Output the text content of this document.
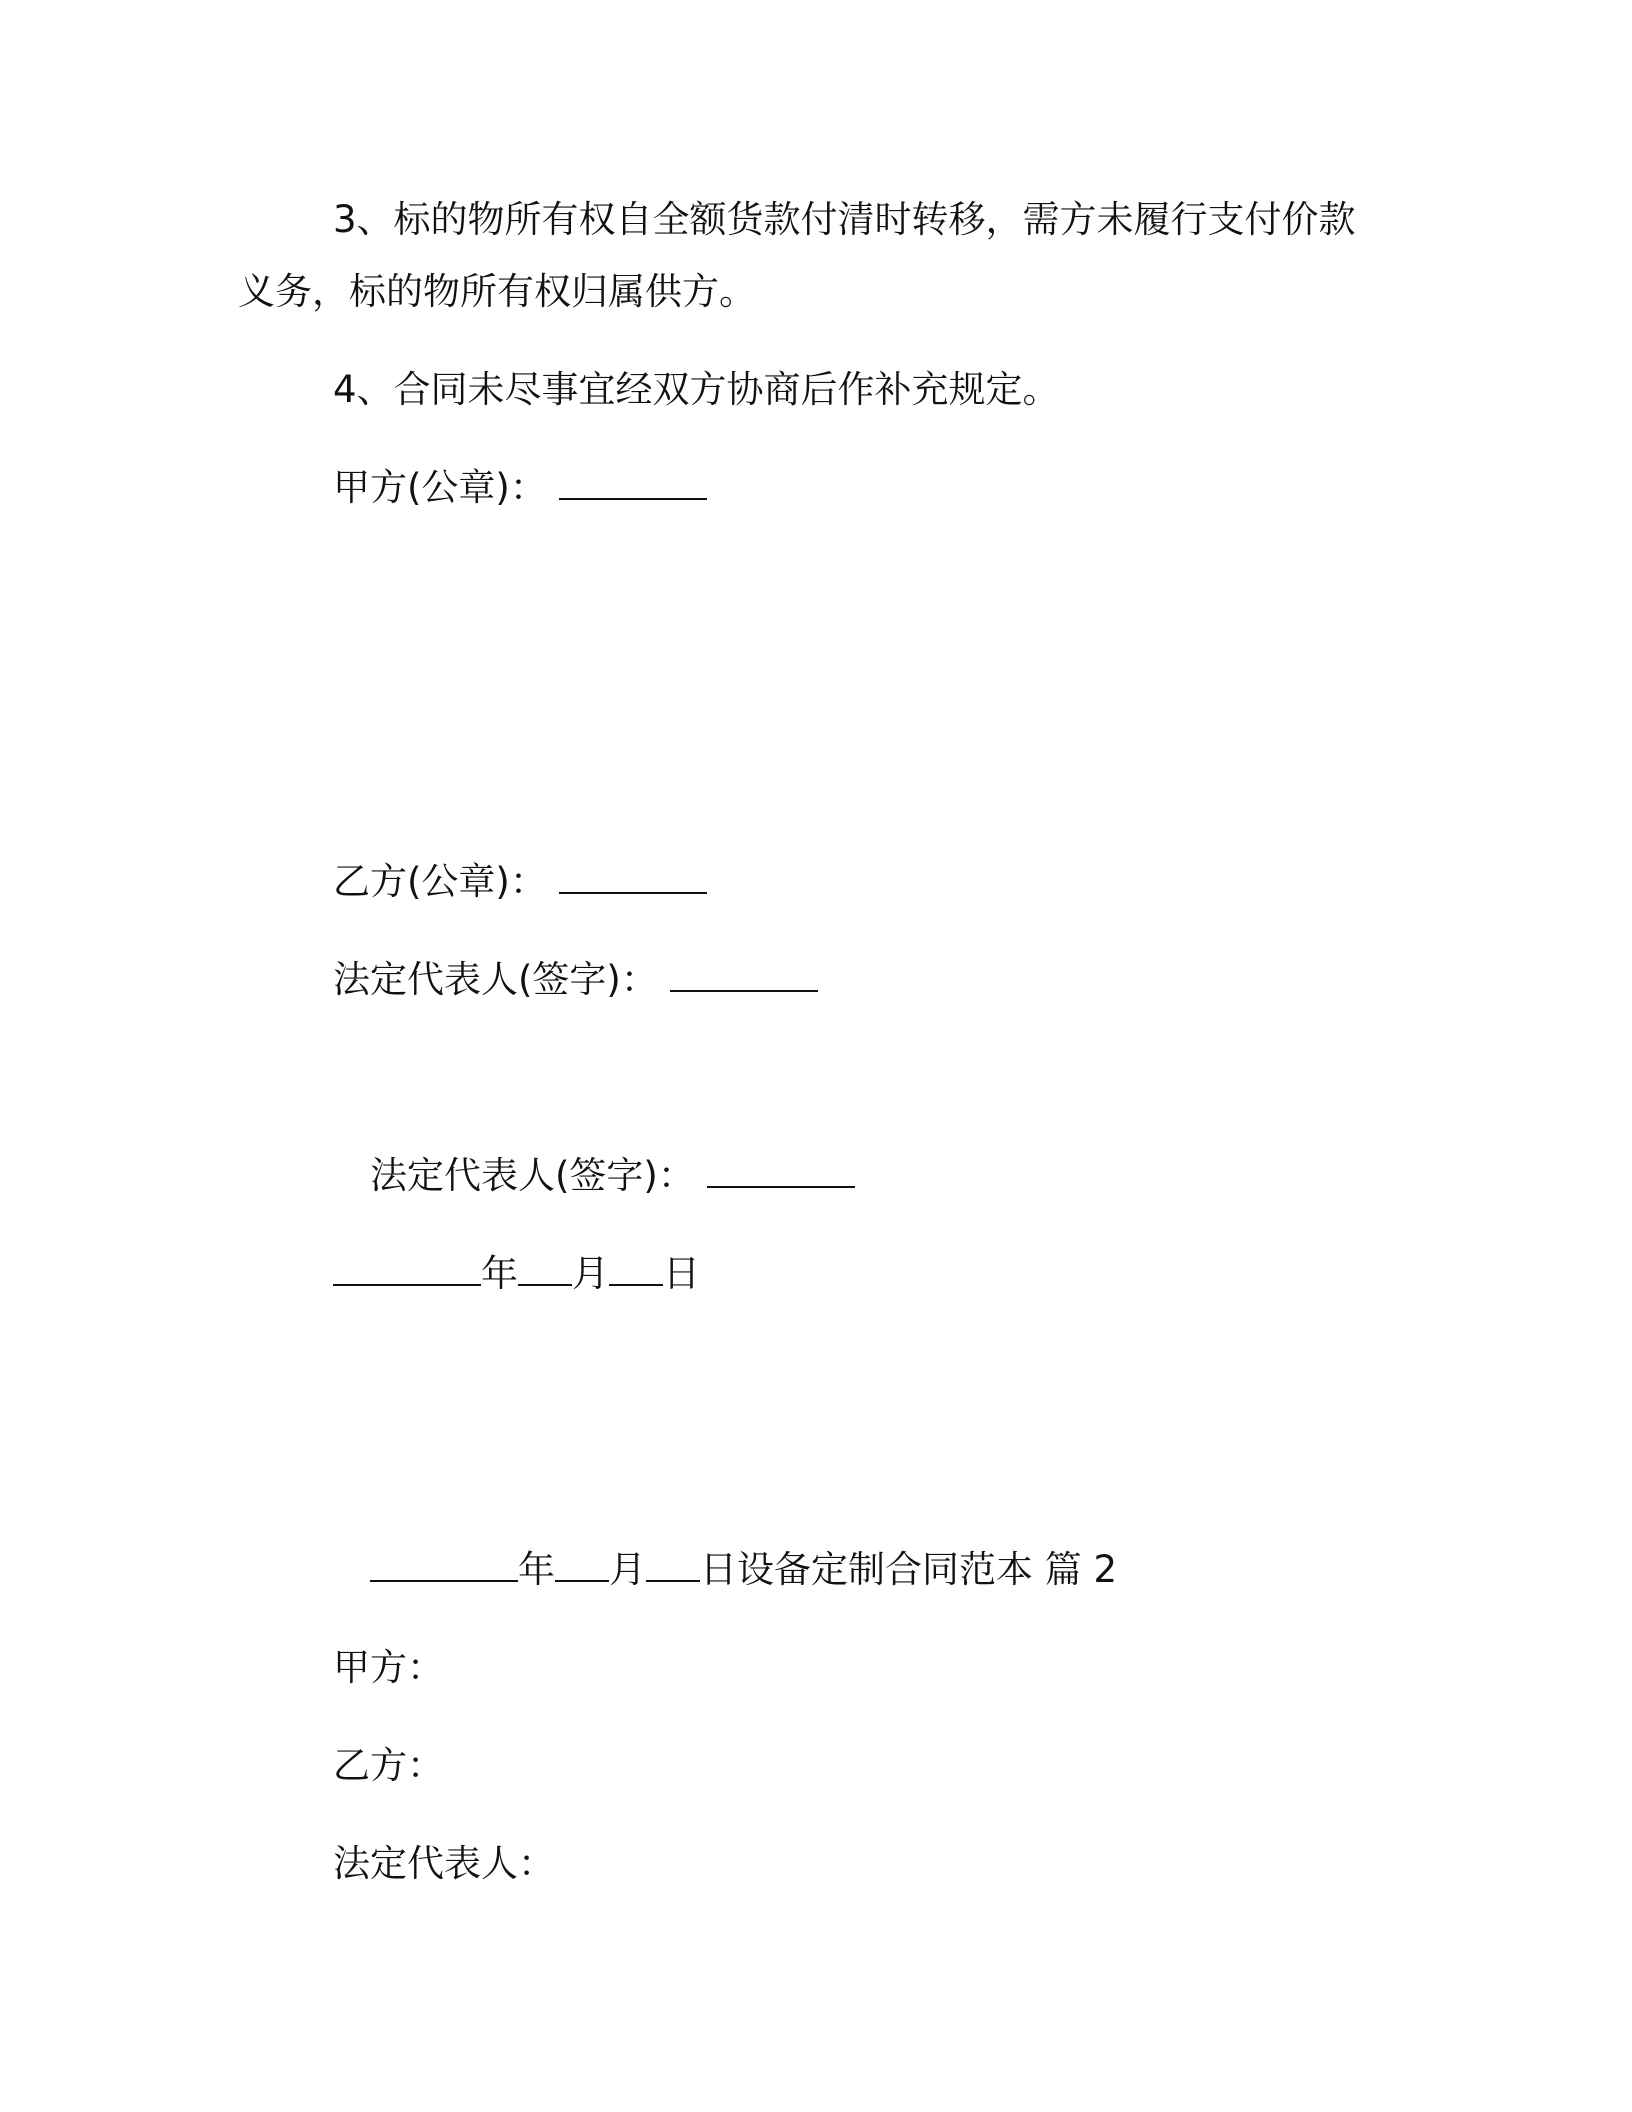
3、标的物所有权自全额货款付清时转移，需方未履行支付价款
义务，标的物所有权归属供方。
4、合同未尽事宜经双方协商后作补充规定。
甲方(公章)：
乙方(公章)：
法定代表人(签字)：
法定代表人(签字)：
年 月 日
年 月 日设备定制合同范本 篇 2
甲方：
乙方：
法定代表人：
